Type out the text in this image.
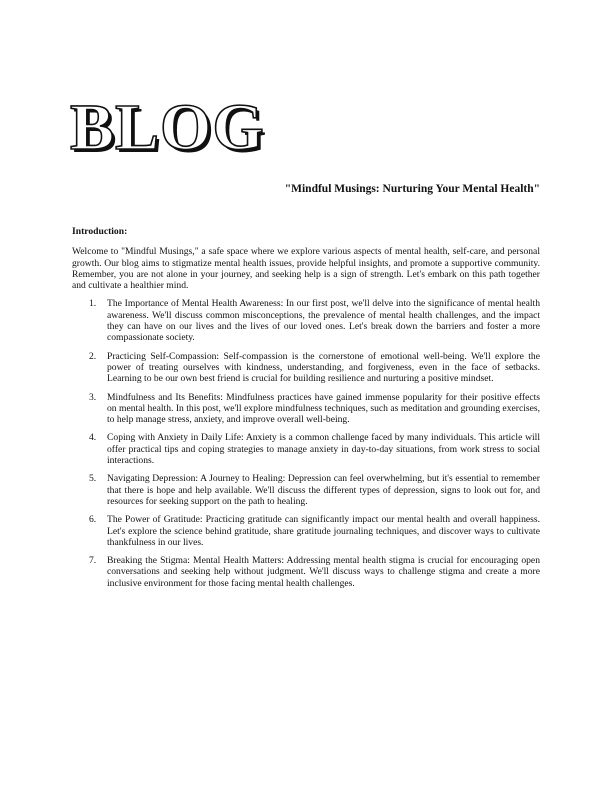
BLOG
"Mindful Musings: Nurturing Your Mental Health"
Introduction:

Welcome to "Mindful Musings," a safe space where we explore various aspects of mental health, self-care, and personal growth. Our blog aims to stigmatize mental health issues, provide helpful insights, and promote a supportive community. Remember, you are not alone in your journey, and seeking help is a sign of strength. Let's embark on this path together and cultivate a healthier mind.

1. The Importance of Mental Health Awareness: In our first post, we'll delve into the significance of mental health awareness. We'll discuss common misconceptions, the prevalence of mental health challenges, and the impact they can have on our lives and the lives of our loved ones. Let's break down the barriers and foster a more compassionate society.
2. Practicing Self-Compassion: Self-compassion is the cornerstone of emotional well-being. We'll explore the power of treating ourselves with kindness, understanding, and forgiveness, even in the face of setbacks. Learning to be our own best friend is crucial for building resilience and nurturing a positive mindset.
3. Mindfulness and Its Benefits: Mindfulness practices have gained immense popularity for their positive effects on mental health. In this post, we'll explore mindfulness techniques, such as meditation and grounding exercises, to help manage stress, anxiety, and improve overall well-being.
4. Coping with Anxiety in Daily Life: Anxiety is a common challenge faced by many individuals. This article will offer practical tips and coping strategies to manage anxiety in day-to-day situations, from work stress to social interactions.
5. Navigating Depression: A Journey to Healing: Depression can feel overwhelming, but it's essential to remember that there is hope and help available. We'll discuss the different types of depression, signs to look out for, and resources for seeking support on the path to healing.
6. The Power of Gratitude: Practicing gratitude can significantly impact our mental health and overall happiness. Let's explore the science behind gratitude, share gratitude journaling techniques, and discover ways to cultivate thankfulness in our lives.
7. Breaking the Stigma: Mental Health Matters: Addressing mental health stigma is crucial for encouraging open conversations and seeking help without judgment. We'll discuss ways to challenge stigma and create a more inclusive environment for those facing mental health challenges.
